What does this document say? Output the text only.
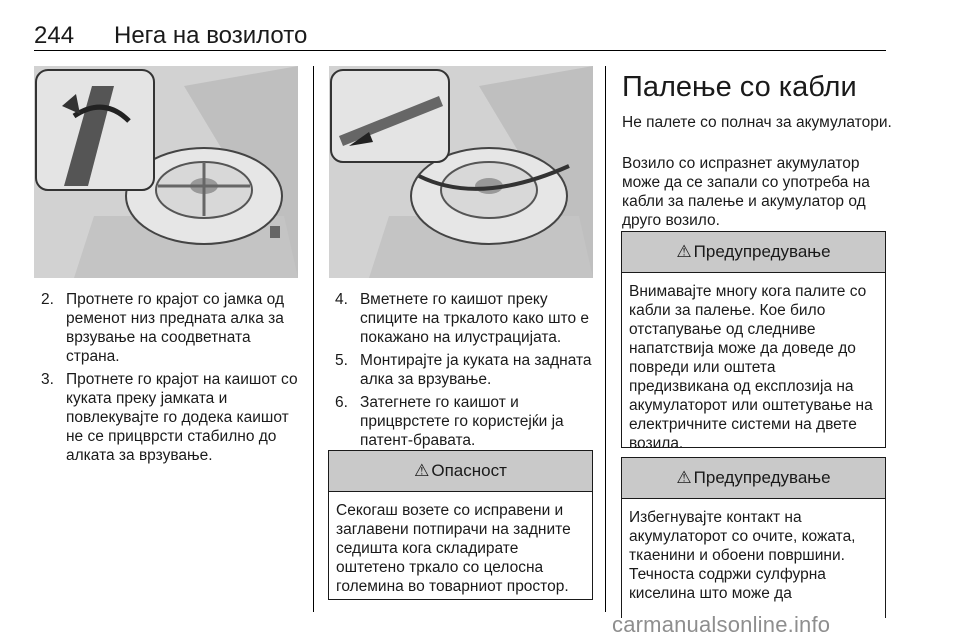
244 Нега на возилото
2. Протнете го крајот со јамка од ременот низ предната алка за врзување на соодветната страна.
3. Протнете го крајот на каишот со куката преку јамката и повлекувајте го додека каишот не се прицврсти стабилно до алката за врзување.
4. Вметнете го каишот преку спиците на тркалото како што е покажано на илустрацијата.
5. Монтирајте ја куката на задната алка за врзување.
6. Затегнете го каишот и прицврстете го користејќи ја патент-бравата.
⚠ Опасност
Секогаш возете со исправени и заглавени потпирачи на задните седишта кога складирате оштетено тркало со целосна големина во товарниот простор.
Палење со кабли

Не палете со полнач за акумулатори.

Возило со испразнет акумулатор може да се запали со употреба на кабли за палење и акумулатор од друго возило.

⚠ Предупредување
Внимавајте многу кога палите со кабли за палење. Кое било отстапување од следниве напатствија може да доведе до повреди или оштета предизвикана од експлозија на акумулаторот или оштетување на електричните системи на двете возила.
⚠ Предупредување
Избегнувајте контакт на акумулаторот со очите, кожата, ткаенини и обоени површини. Течноста содржи сулфурна киселина што може да
carmanualsonline.info
